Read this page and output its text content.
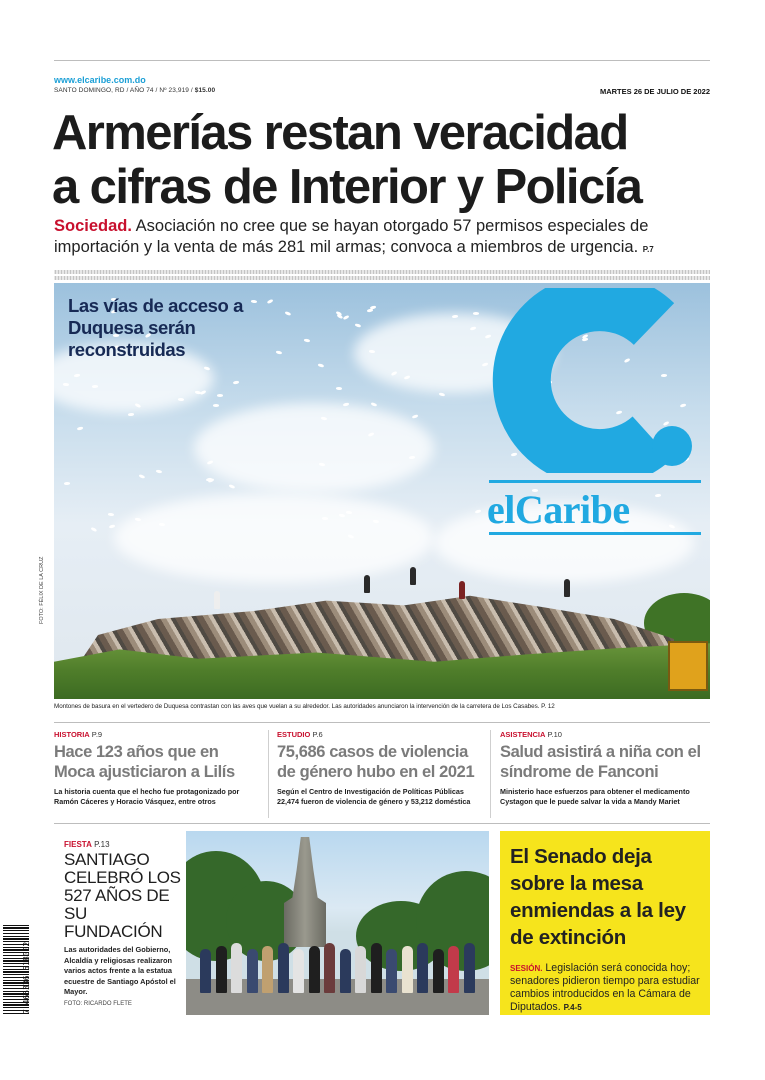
www.elcaribe.com.do
SANTO DOMINGO, RD / AÑO 74 / Nº 23,919 / $15.00	MARTES 26 DE JULIO DE 2022
Armerías restan veracidad
a cifras de Interior y Policía
Sociedad. Asociación no cree que se hayan otorgado 57 permisos especiales de importación y la venta de más 281 mil armas; convoca a miembros de urgencia. P.7
Las vías de acceso a Duquesa serán reconstruidas
FOTO: FÉLIX DE LA CRUZ
Montones de basura en el vertedero de Duquesa contrastan con las aves que vuelan a su alrededor. Las autoridades anunciaron la intervención de la carretera de Los Casabes. P. 12
elCaribe
HISTORIA P.9
Hace 123 años que en Moca ajusticiaron a Lilís

La historia cuenta que el hecho fue protagonizado por Ramón Cáceres y Horacio Vásquez, entre otros

ESTUDIO P.6
75,686 casos de violencia de género hubo en el 2021

Según el Centro de Investigación de Políticas Públicas 22,474 fueron de violencia de género y 53,212 doméstica

ASISTENCIA P.10
Salud asistirá a niña con el síndrome de Fanconi

Ministerio hace esfuerzos para obtener el medicamento Cystagon que le puede salvar la vida a Mandy Mariet

FIESTA P.13
SANTIAGO CELEBRÓ LOS 527 AÑOS DE SU FUNDACIÓN

Las autoridades del Gobierno, Alcaldía y religiosas realizaron varios actos frente a la estatua ecuestre de Santiago Apóstol el Mayor.

FOTO: RICARDO FLETE
El Senado deja sobre la mesa enmiendas a la ley de extinción

SESIÓN. Legislación será conocida hoy; senadores pidieron tiempo para estudiar cambios introducidos en la Cámara de Diputados. P.4-5

7 465336 518002
